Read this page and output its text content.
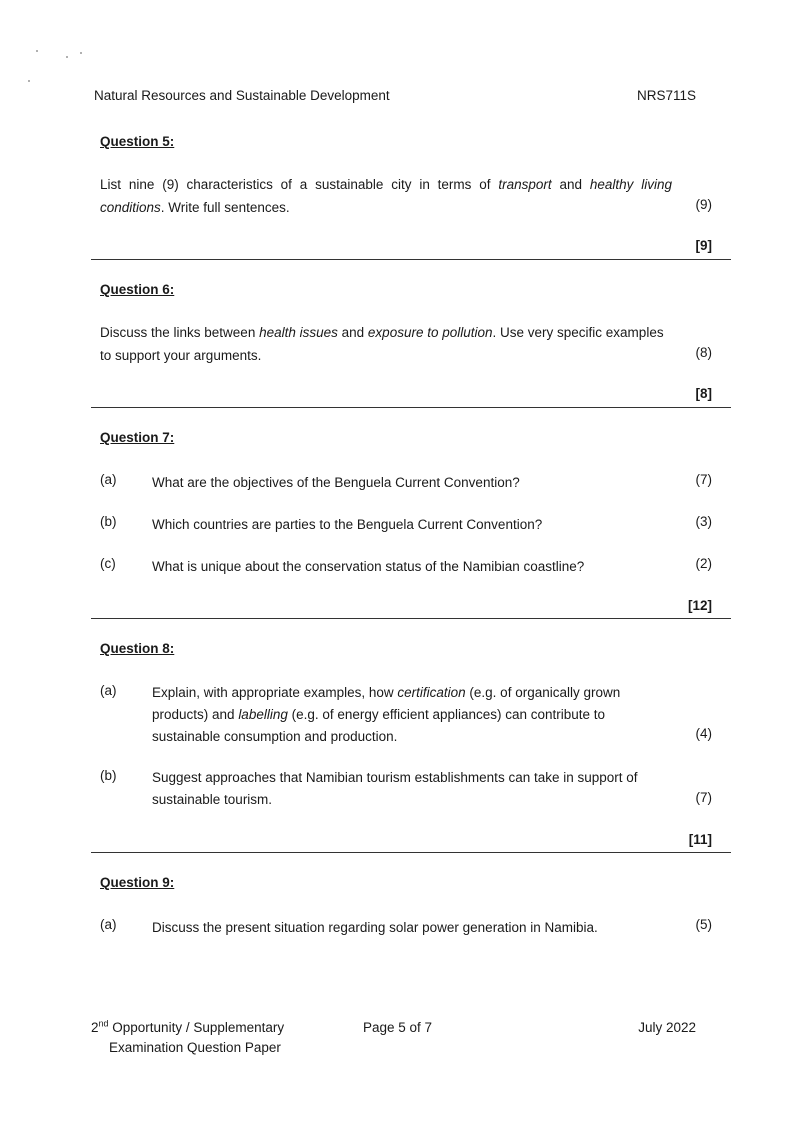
Natural Resources and Sustainable Development	NRS711S
Question 5:
List nine (9) characteristics of a sustainable city in terms of transport and healthy living conditions. Write full sentences.	(9)
[9]
Question 6:
Discuss the links between health issues and exposure to pollution. Use very specific examples to support your arguments.	(8)
[8]
Question 7:
(a)	What are the objectives of the Benguela Current Convention?	(7)
(b)	Which countries are parties to the Benguela Current Convention?	(3)
(c)	What is unique about the conservation status of the Namibian coastline?	(2)
[12]
Question 8:
(a)	Explain, with appropriate examples, how certification (e.g. of organically grown products) and labelling (e.g. of energy efficient appliances) can contribute to sustainable consumption and production.	(4)
(b)	Suggest approaches that Namibian tourism establishments can take in support of sustainable tourism.	(7)
[11]
Question 9:
(a)	Discuss the present situation regarding solar power generation in Namibia.	(5)
2nd Opportunity / Supplementary
Examination Question Paper
Page 5 of 7	July 2022
